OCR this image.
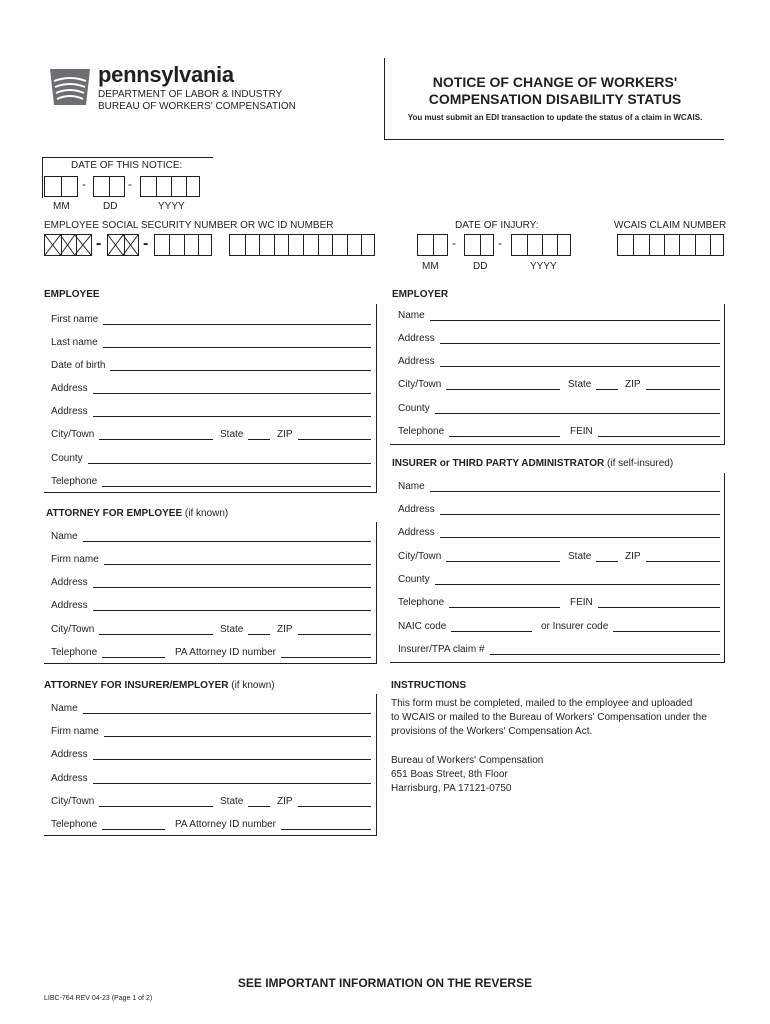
pennsylvania
DEPARTMENT OF LABOR & INDUSTRY
BUREAU OF WORKERS' COMPENSATION
NOTICE OF CHANGE OF WORKERS'
COMPENSATION DISABILITY STATUS
You must submit an EDI transaction to update the status of a claim in WCAIS.
DATE OF THIS NOTICE:
-	-
MM	DD	YYYY
EMPLOYEE SOCIAL SECURITY NUMBER OR WC ID NUMBER	DATE OF INJURY:	WCAIS CLAIM NUMBER
-	-	-	-
MM	DD	YYYY
EMPLOYEE
First name
Last name
Date of birth
Address
Address
City/Town	State	ZIP
County
Telephone
ATTORNEY FOR EMPLOYEE (if known)
Name
Firm name
Address
Address
City/Town	State	ZIP
Telephone	PA Attorney ID number
ATTORNEY FOR INSURER/EMPLOYER (if known)
Name
Firm name
Address
Address
City/Town	State	ZIP
Telephone	PA Attorney ID number
EMPLOYER
Name
Address
Address
City/Town	State	ZIP
County
Telephone	FEIN
INSURER or THIRD PARTY ADMINISTRATOR (if self-insured)
Name
Address
Address
City/Town	State	ZIP
County
Telephone	FEIN
NAIC code	or Insurer code
Insurer/TPA claim #
INSTRUCTIONS
This form must be completed, mailed to the employee and uploaded
to WCAIS or mailed to the Bureau of Workers' Compensation under the
provisions of the Workers' Compensation Act.
Bureau of Workers' Compensation
651 Boas Street, 8th Floor
Harrisburg, PA 17121-0750
SEE IMPORTANT INFORMATION ON THE REVERSE
LIBC-764 REV 04-23 (Page 1 of 2)
